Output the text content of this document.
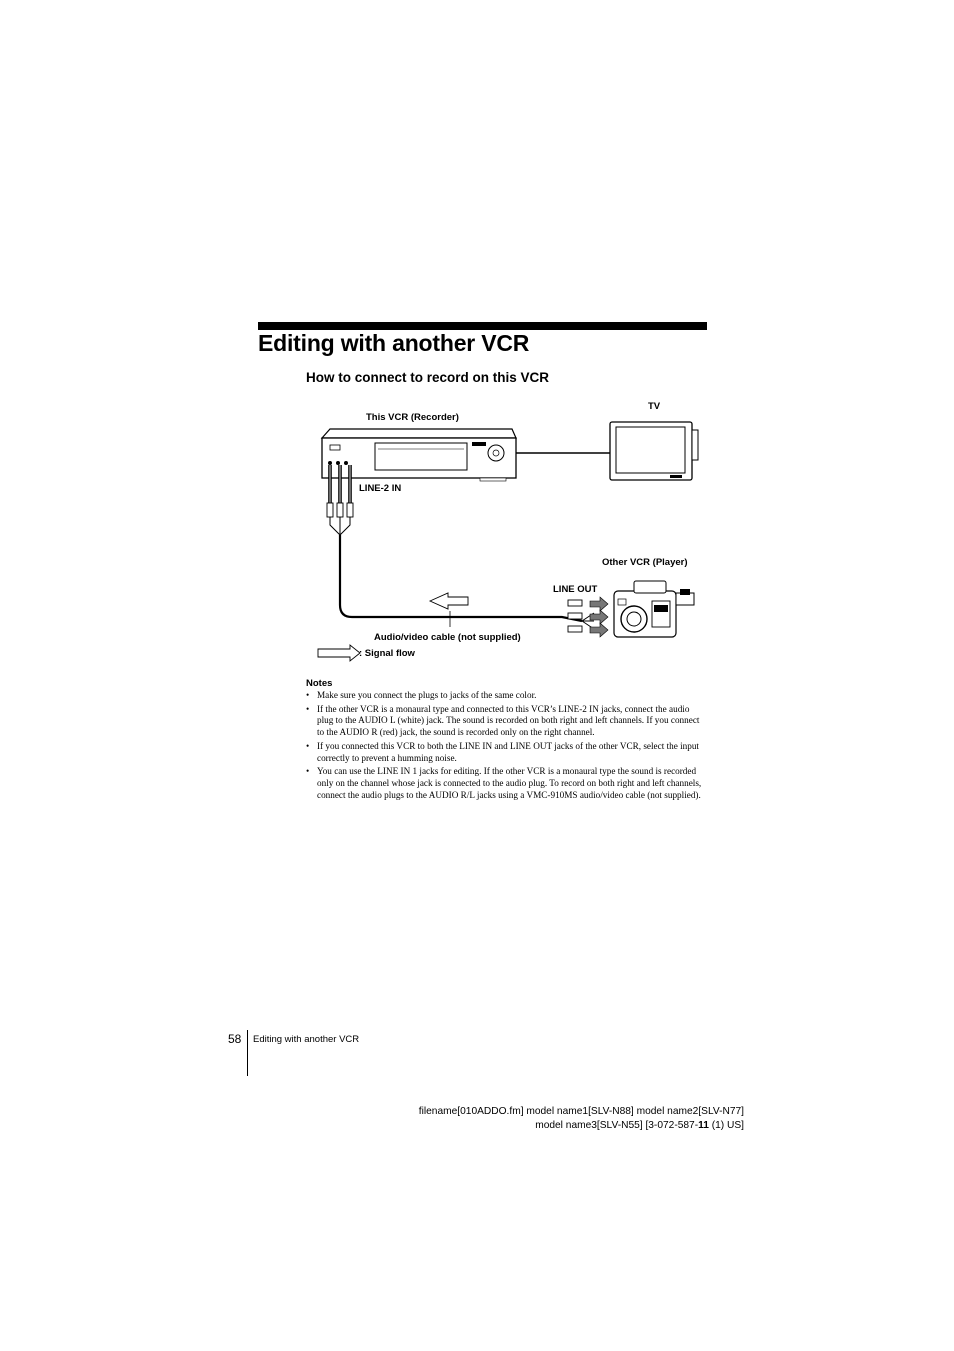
Editing with another VCR
How to connect to record on this VCR
TV
This VCR (Recorder)
LINE-2 IN
Other VCR (Player)
LINE OUT
Audio/video cable (not supplied)
: Signal flow
Notes
• Make sure you connect the plugs to jacks of the same color.
• If the other VCR is a monaural type and connected to this VCR’s LINE-2 IN jacks, connect the audio plug to the AUDIO L (white) jack. The sound is recorded on both right and left channels. If you connect to the AUDIO R (red) jack, the sound is recorded only on the right channel.
• If you connected this VCR to both the LINE IN and LINE OUT jacks of the other VCR, select the input correctly to prevent a humming noise.
• You can use the LINE IN 1 jacks for editing. If the other VCR is a monaural type the sound is recorded only on the channel whose jack is connected to the audio plug. To record on both right and left channels, connect the audio plugs to the AUDIO R/L jacks using a VMC-910MS audio/video cable (not supplied).
58 Editing with another VCR
filename[010ADDO.fm] model name1[SLV-N88] model name2[SLV-N77]
model name3[SLV-N55] [3-072-587-11 (1) US]
